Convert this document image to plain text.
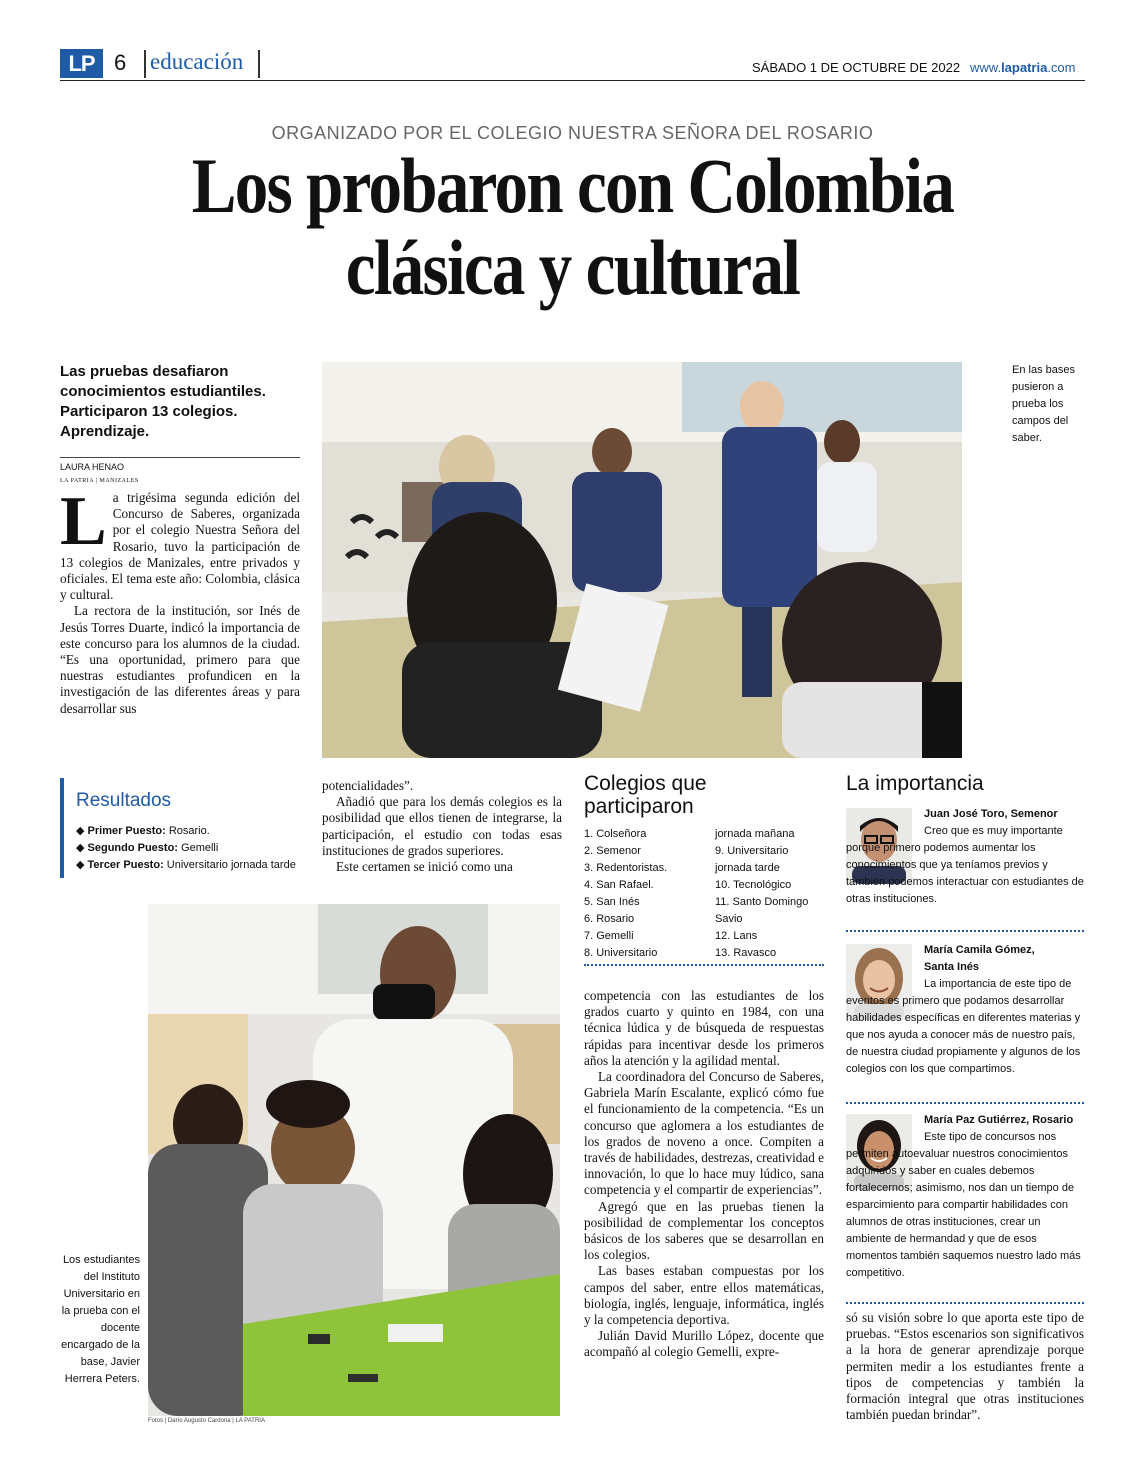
LP 6 educación	SÁBADO 1 DE OCTUBRE DE 2022 www.lapatria.com
ORGANIZADO POR EL COLEGIO NUESTRA SEÑORA DEL ROSARIO
Los probaron con Colombia
clásica y cultural
Las pruebas desafiaron conocimientos estudiantiles. Participaron 13 colegios. Aprendizaje.
LAURA HENAO
LA PATRIA | MANIZALES
L a trigésima segunda edición del Concurso de Saberes, organizada por el colegio Nuestra Señora del Rosario, tuvo la participación de 13 colegios de Manizales, entre privados y oficiales. El tema este año: Colombia, clásica y cultural.

La rectora de la institución, sor Inés de Jesús Torres Duarte, indicó la importancia de este concurso para los alumnos de la ciudad. “Es una oportunidad, primero para que nuestras estudiantes profundicen en la investigación de las diferentes áreas y para desarrollar sus

En las bases pusieron a prueba los campos del saber.
Resultados
◆ Primer Puesto: Rosario.
◆ Segundo Puesto: Gemelli
◆ Tercer Puesto: Universitario jornada tarde

potencialidades”.

Añadió que para los demás colegios es la posibilidad que ellos tienen de integrarse, la participación, el estudio con todas esas instituciones de grados superiores.

Este certamen se inició como una

Los estudiantes del Instituto Universitario en la prueba con el docente encargado de la base, Javier Herrera Peters.
Fotos | Darío Augusto Cardona | LA PATRIA
Colegios que
participaron
1. Colseñora
2. Semenor
3. Redentoristas.
4. San Rafael.
5. San Inés
6. Rosario
7. Gemelli
8. Universitario
jornada mañana
9. Universitario
jornada tarde
10. Tecnológico
11. Santo Domingo
Savio
12. Lans
13. Ravasco

competencia con las estudiantes de los grados cuarto y quinto en 1984, con una técnica lúdica y de búsqueda de respuestas rápidas para incentivar desde los primeros años la atención y la agilidad mental.

La coordinadora del Concurso de Saberes, Gabriela Marín Escalante, explicó cómo fue el funcionamiento de la competencia. “Es un concurso que aglomera a los estudiantes de los grados de noveno a once. Compiten a través de habilidades, destrezas, creatividad e innovación, lo que lo hace muy lúdico, sana competencia y el compartir de experiencias”.

Agregó que en las pruebas tienen la posibilidad de complementar los conceptos básicos de los saberes que se desarrollan en los colegios.

Las bases estaban compuestas por los campos del saber, entre ellos matemáticas, biología, inglés, lenguaje, informática, inglés y la competencia deportiva.

Julián David Murillo López, docente que acompañó al colegio Gemelli, expre-

La importancia
Juan José Toro, Semenor
Creo que es muy importante porque primero podemos aumentar los conocimientos que ya teníamos previos y también podemos interactuar con estudiantes de otras instituciones.
María Camila Gómez,
Santa Inés
La importancia de este tipo de eventos es primero que podamos desarrollar habilidades específicas en diferentes materias y que nos ayuda a conocer más de nuestro país, de nuestra ciudad propiamente y algunos de los colegios con los que compartimos.
María Paz Gutiérrez, Rosario
Este tipo de concursos nos permiten autoevaluar nuestros conocimientos adquiridos y saber en cuales debemos fortalecernos; asimismo, nos dan un tiempo de esparcimiento para compartir habilidades con alumnos de otras instituciones, crear un ambiente de hermandad y que de esos momentos también saquemos nuestro lado más competitivo.

só su visión sobre lo que aporta este tipo de pruebas. “Estos escenarios son significativos a la hora de generar aprendizaje porque permiten medir a los estudiantes frente a tipos de competencias y también la formación integral que otras instituciones también puedan brindar”.
